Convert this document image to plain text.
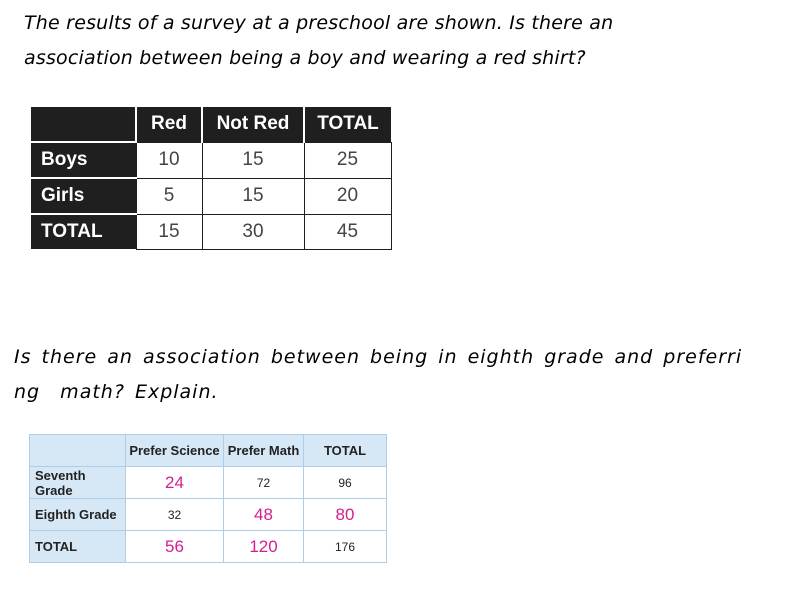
The results of a survey at a preschool are shown. Is there an
association between being a boy and wearing a red shirt?

	Red	Not Red	TOTAL
Boys	10	15	25
Girls	5	15	20
TOTAL	15	30	45

Is there an association between being in eighth grade and preferri
ng  math? Explain.

	Prefer Science	Prefer Math	TOTAL
Seventh Grade	24	72	96
Eighth Grade	32	48	80
TOTAL	56	120	176
